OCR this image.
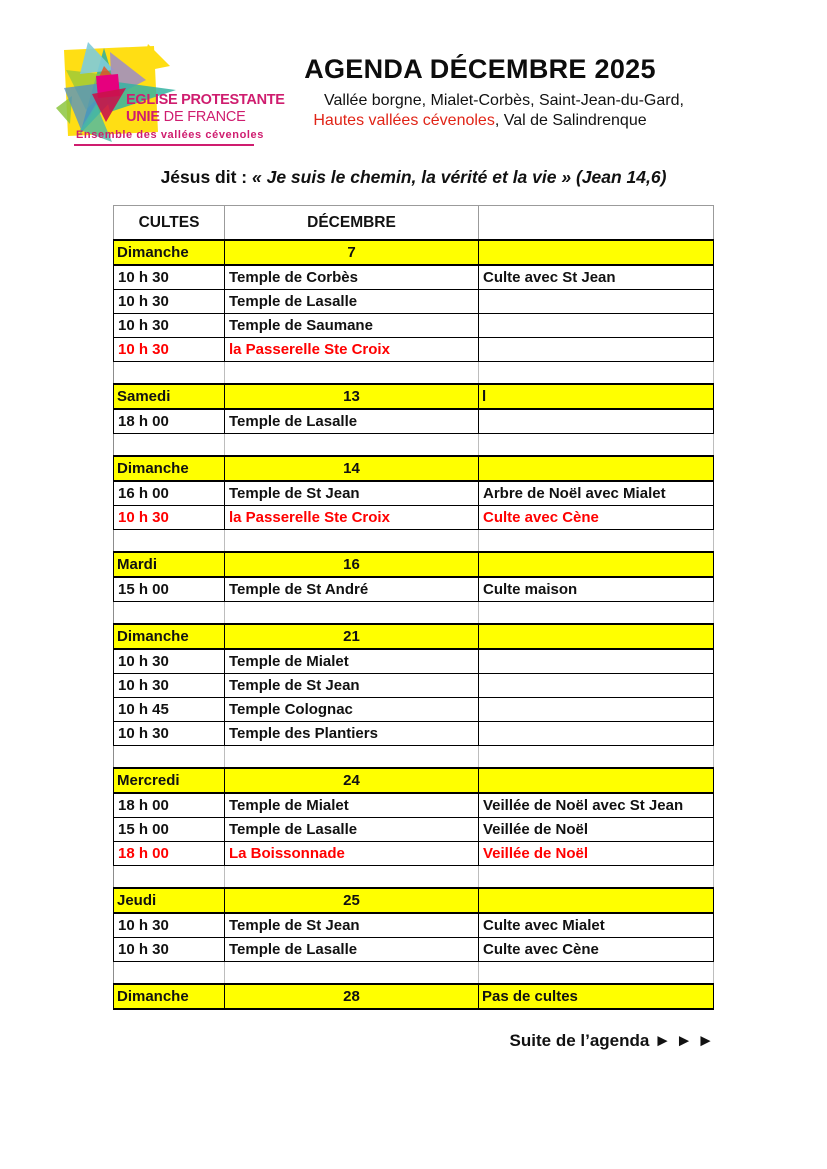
EGLISE PROTESTANTE
UNIE DE FRANCE
Ensemble des vallées cévenoles
AGENDA DÉCEMBRE 2025
Vallée borgne, Mialet-Corbès, Saint-Jean-du-Gard,
Hautes vallées cévenoles, Val de Salindrenque
Jésus dit : « Je suis le chemin, la vérité et la vie » (Jean 14,6)
CULTES	DÉCEMBRE
Dimanche	7
10 h 30	Temple de Corbès	Culte avec St Jean
10 h 30	Temple de Lasalle
10 h 30	Temple de Saumane
10 h 30	la Passerelle Ste Croix
Samedi	13	l
18 h 00	Temple de Lasalle
Dimanche	14
16 h 00	Temple de St Jean	Arbre de Noël avec Mialet
10 h 30	la Passerelle Ste Croix	Culte avec Cène
Mardi	16
15 h 00	Temple de St André	Culte maison
Dimanche	21
10 h 30	Temple de Mialet
10 h 30	Temple de St Jean
10 h 45	Temple Colognac
10 h 30	Temple des Plantiers
Mercredi	24
18 h 00	Temple de Mialet	Veillée de Noël avec St Jean
15 h 00	Temple de Lasalle	Veillée de Noël
18 h 00	La Boissonnade	Veillée de Noël
Jeudi	25
10 h 30	Temple de St Jean	Culte avec Mialet
10 h 30	Temple de Lasalle	Culte avec Cène
Dimanche	28	Pas de cultes
Suite de l’agenda ► ► ►
